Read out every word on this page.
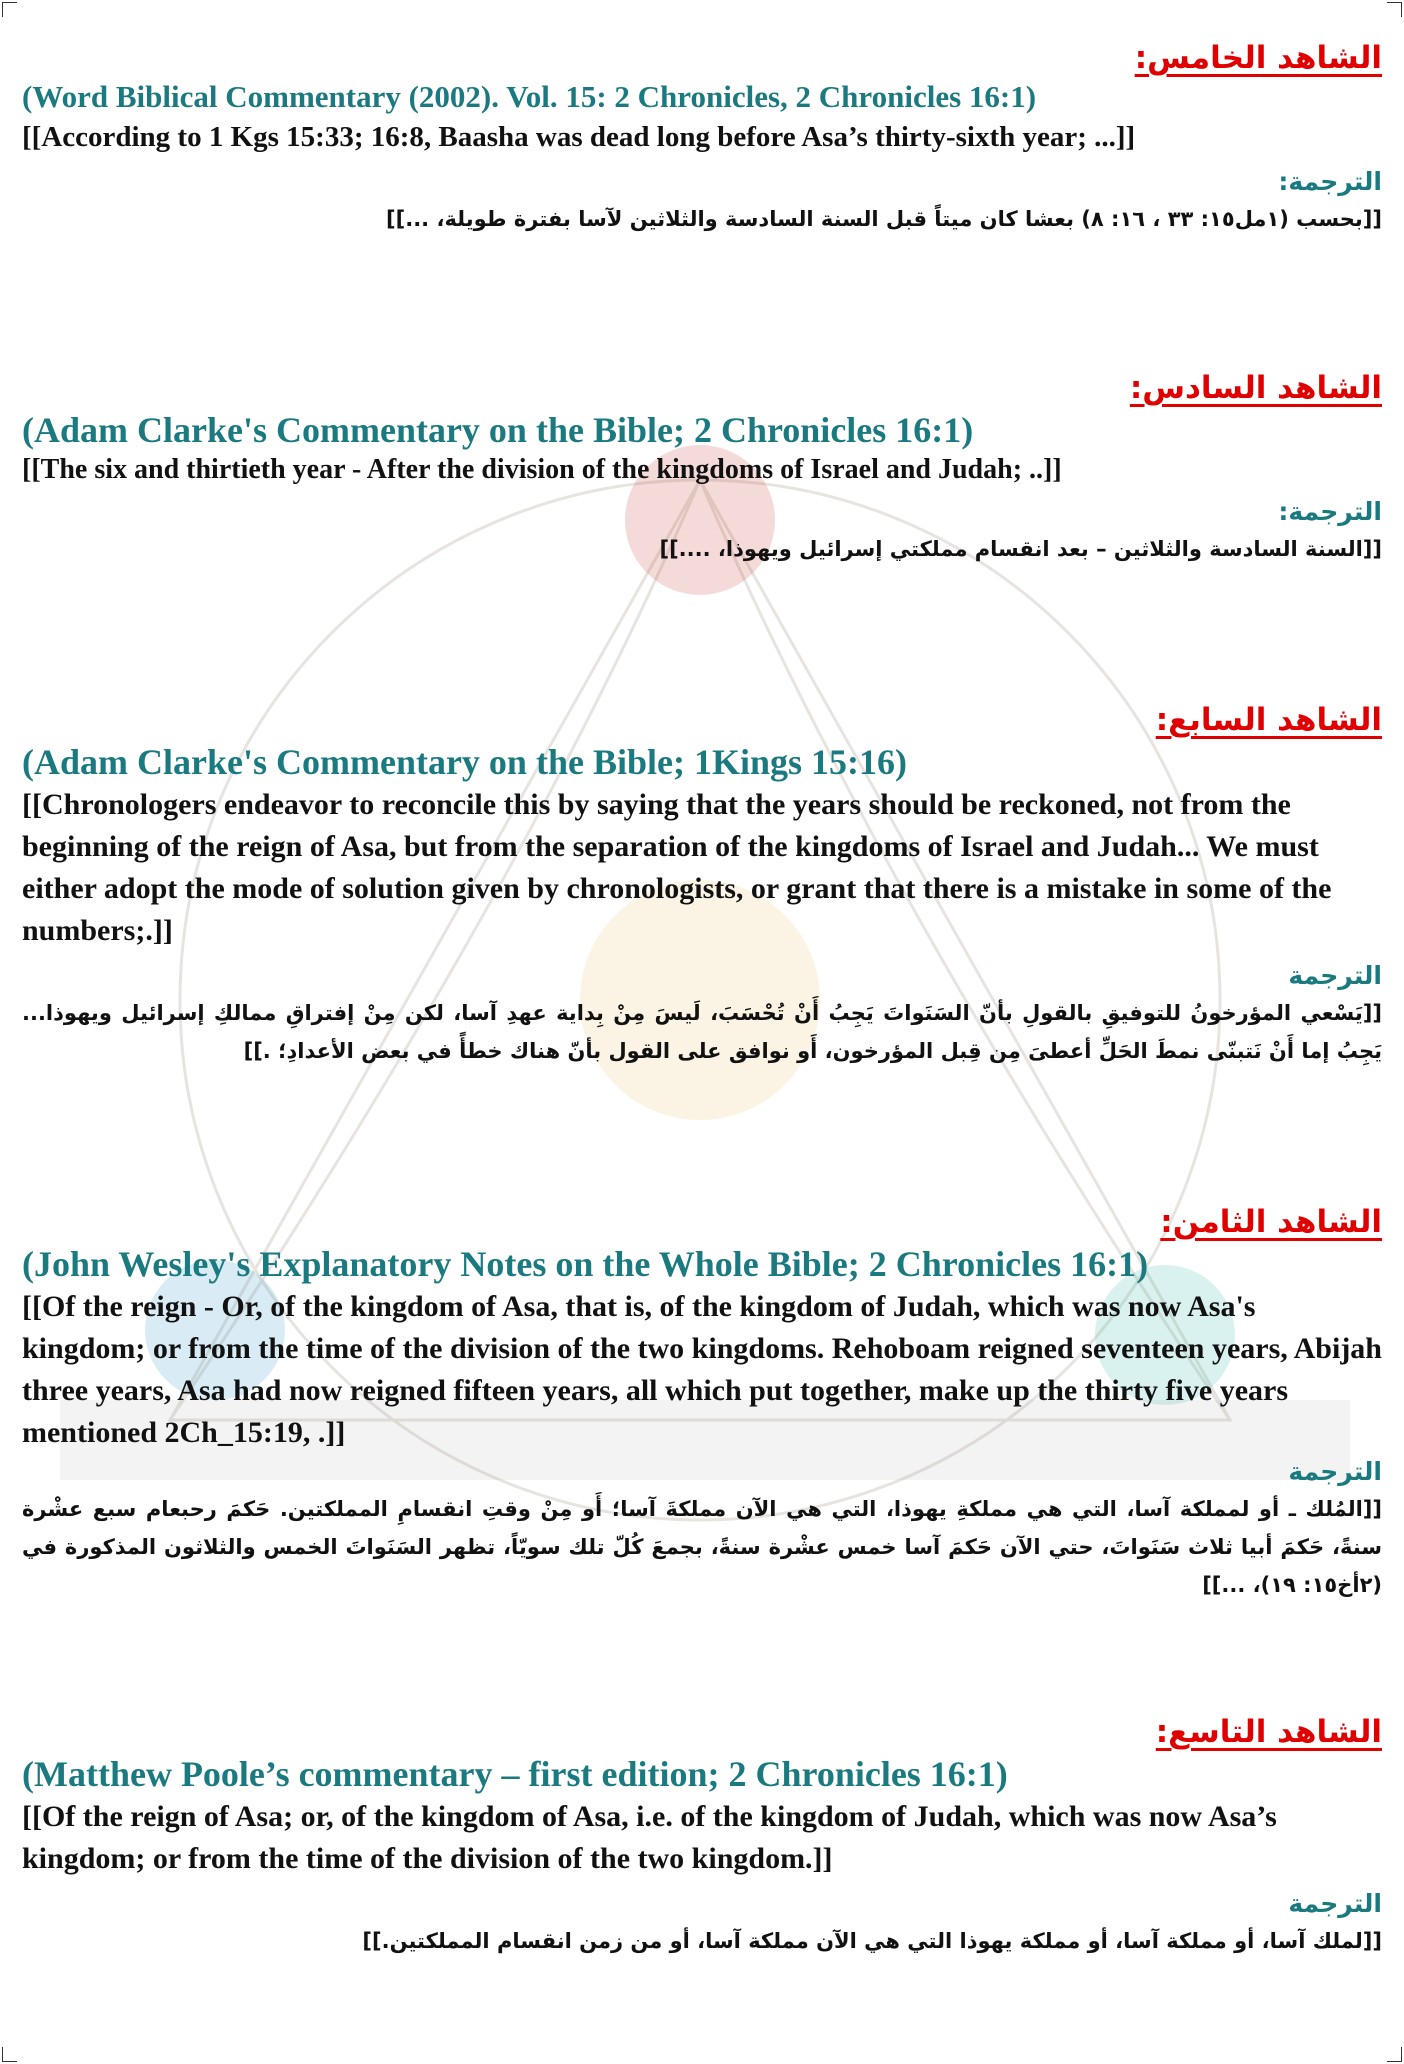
الشاهد الخامس:

(Word Biblical Commentary (2002). Vol. 15: 2 Chronicles, 2 Chronicles 16:1)

[[According to 1 Kgs 15:33; 16:8, Baasha was dead long before Asa’s thirty-sixth year; ...]]

الترجمة:

[[بحسب (١مل١٥: ٣٣ ، ١٦: ٨) بعشا كان ميتاً قبل السنة السادسة والثلاثين لآسا بفترة طويلة، ...]]

الشاهد السادس:

(Adam Clarke's Commentary on the Bible; 2 Chronicles 16:1)

[[The six and thirtieth year - After the division of the kingdoms of Israel and Judah; ..]]

الترجمة:

[[السنة السادسة والثلاثين – بعد انقسام مملكتي إسرائيل ويهوذا، ....]]

الشاهد السابع:

(Adam Clarke's Commentary on the Bible; 1Kings 15:16)

[[Chronologers endeavor to reconcile this by saying that the years should be reckoned, not from the beginning of the reign of Asa, but from the separation of the kingdoms of Israel and Judah... We must either adopt the mode of solution given by chronologists, or grant that there is a mistake in some of the numbers;.]]

الترجمة

[[يَسْعي المؤرخونُ للتوفيقِ بالقولِ بأنّ السَنَواتَ يَجِبُ أَنْ تُحْسَبَ، لَيسَ مِنْ بِداية عهدِ آسا، لكن مِنْ إفتراقِ ممالكِ إسرائيل ويهوذا... يَجِبُ إما أَنْ نَتبنّى نمطَ الحَلِّ أعطىَ مِن قِبل المؤرخون، أَو نوافق على القول بأنّ هناك خطأً في بعض الأعدادِ؛ .]]

الشاهد الثامن:

(John Wesley's Explanatory Notes on the Whole Bible; 2 Chronicles 16:1)

[[Of the reign - Or, of the kingdom of Asa, that is, of the kingdom of Judah, which was now Asa's kingdom; or from the time of the division of the two kingdoms. Rehoboam reigned seventeen years, Abijah three years, Asa had now reigned fifteen years, all which put together, make up the thirty five years mentioned 2Ch_15:19, .]]

الترجمة

[[المُلك ـ أو لمملكة آسا، التي هي مملكةِ يهوذا، التي هي الآن مملكةَ آسا؛ أَو مِنْ وقتِ انقسامِ المملكتين. حَكمَ رحبعام سبع عشْرة سنةً، حَكمَ أبيا ثلاث سَنَواتَ، حتي الآن حَكمَ آسا خمس عشْرة سنةً، بجمعَ كُلّ تلك سويّاً، تظهر السَنَواتَ الخمس والثلاثون المذكورة في (٢أخ١٥: ١٩)، ...]]

الشاهد التاسع:

(Matthew Poole’s commentary – first edition; 2 Chronicles 16:1)

[[Of the reign of Asa; or, of the kingdom of Asa, i.e. of the kingdom of Judah, which was now Asa’s kingdom; or from the time of the division of the two kingdom.]]

الترجمة

[[لملك آسا، أو مملكة آسا، أو مملكة يهوذا التي هي الآن مملكة آسا، أو من زمن انقسام المملكتين.]]
